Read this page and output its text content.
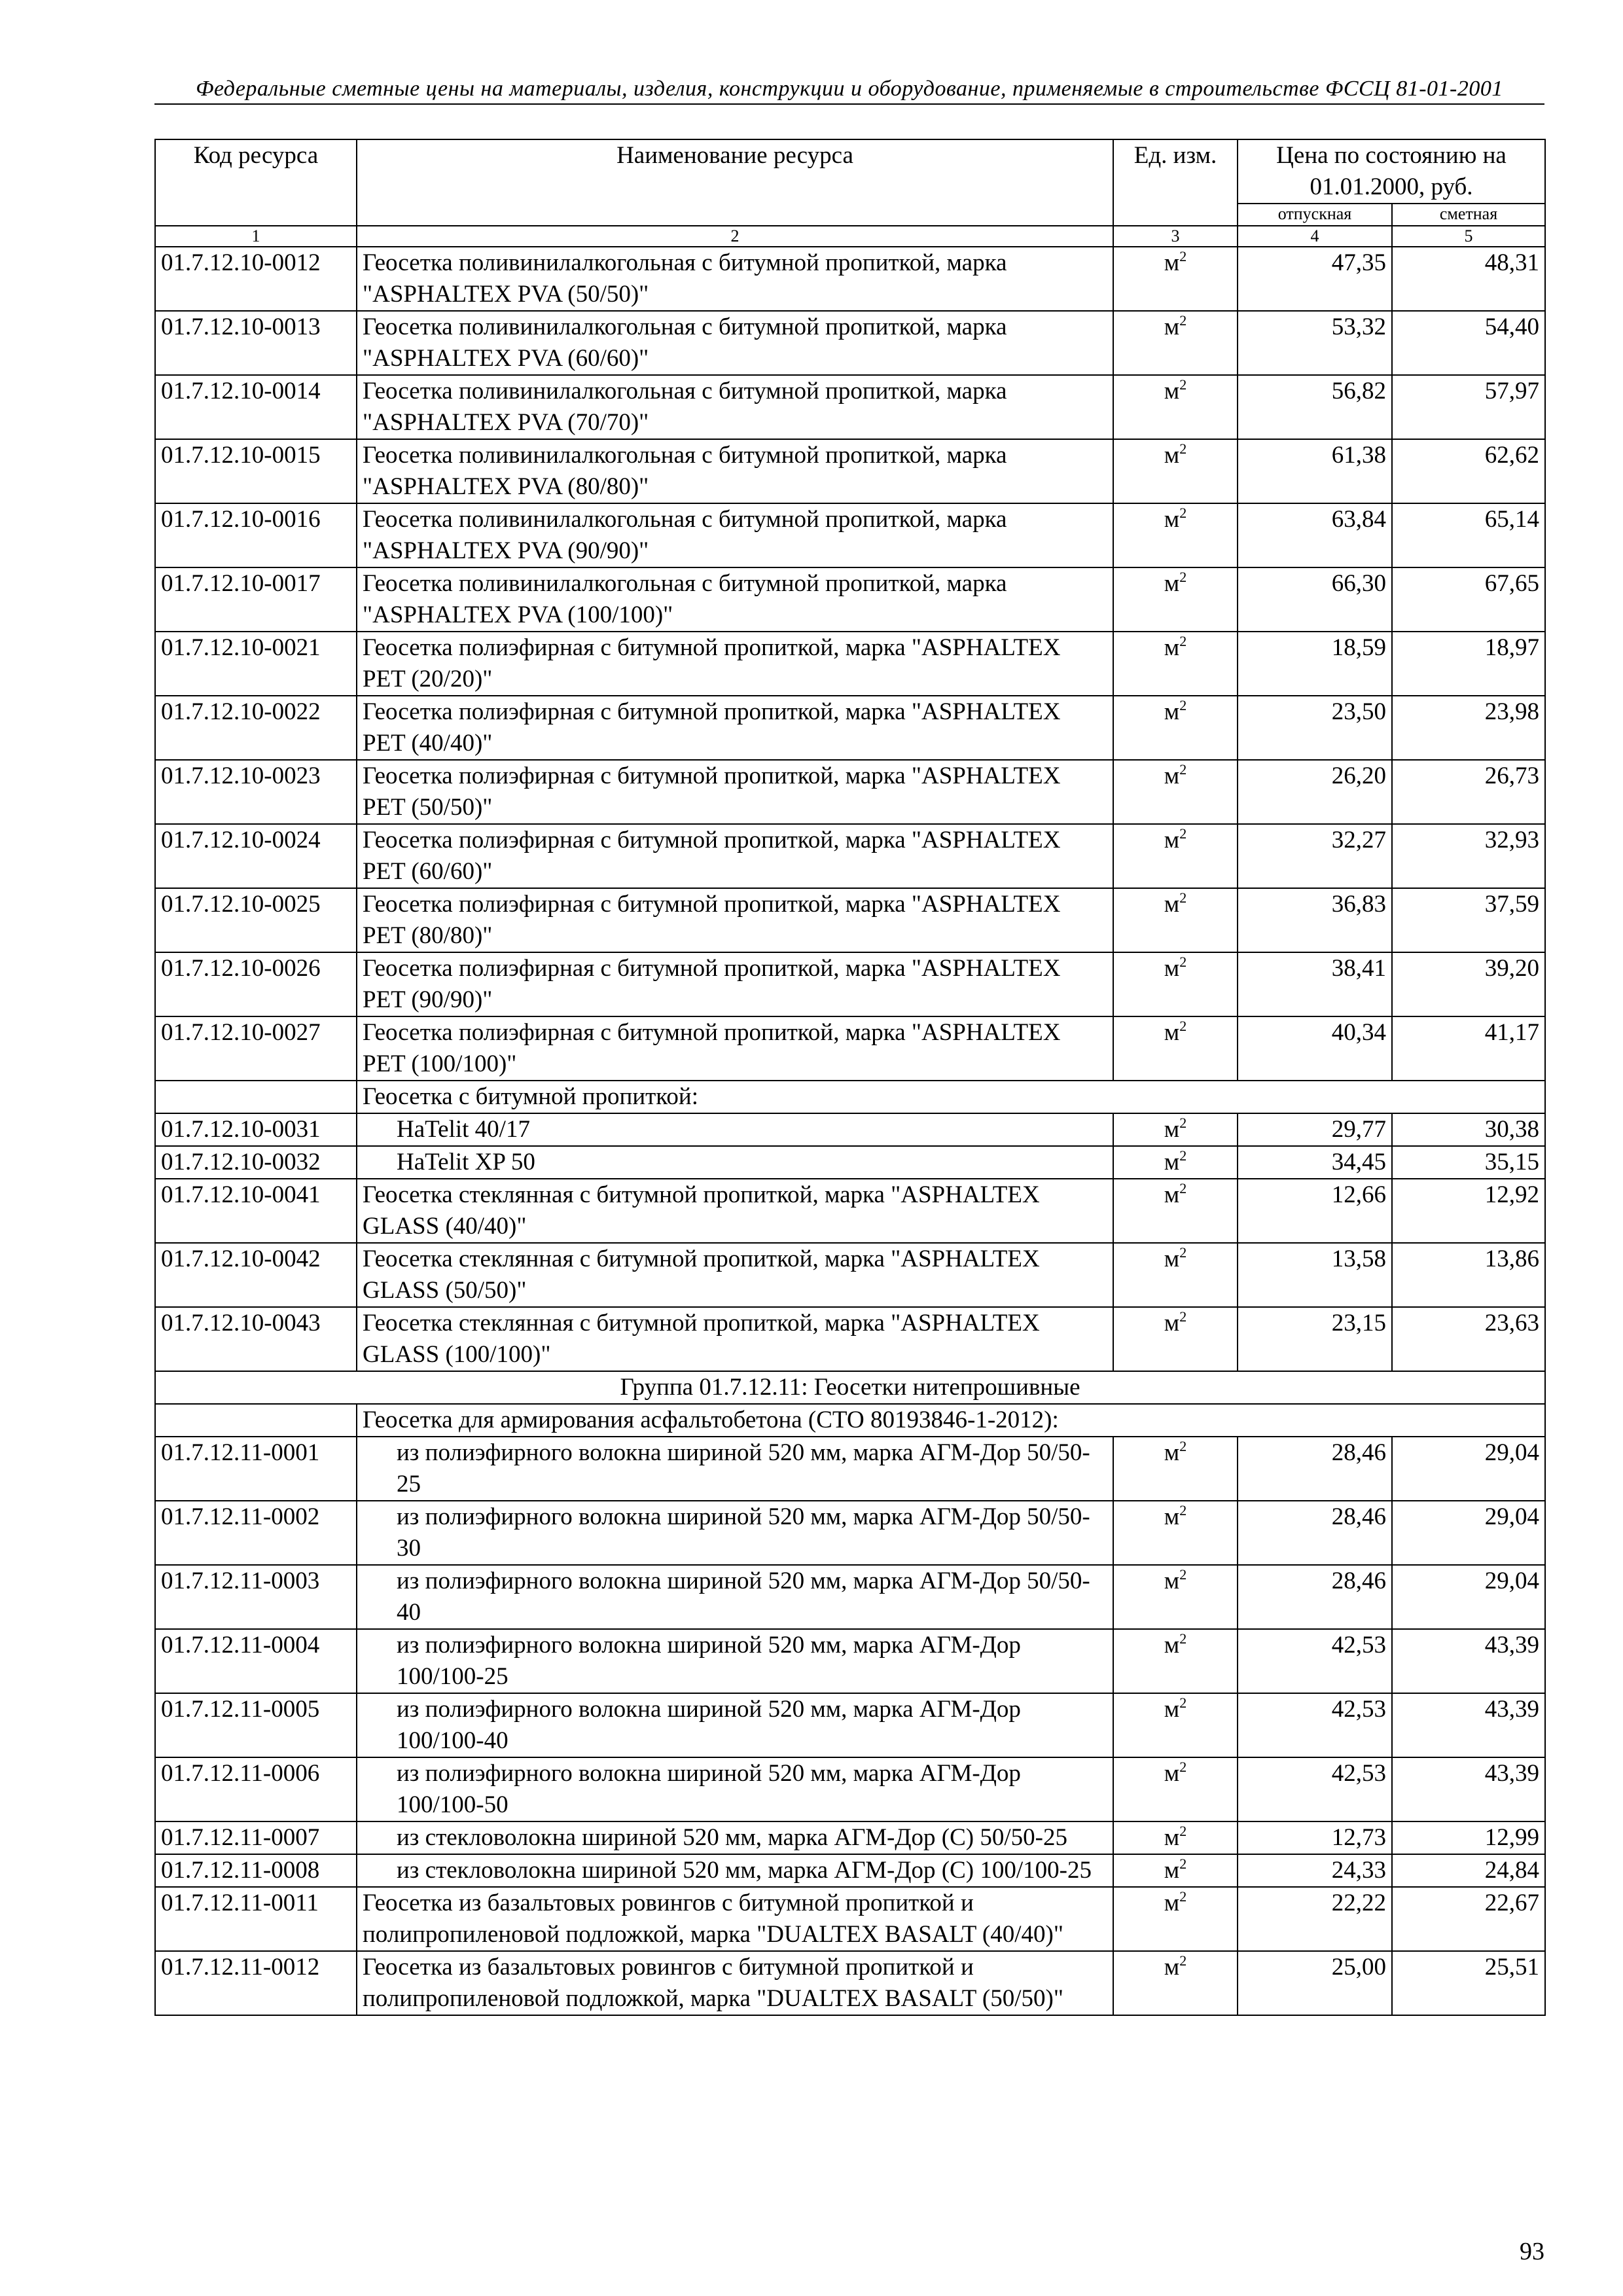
Федеральные сметные цены на материалы, изделия, конструкции и оборудование, применяемые в строительстве ФССЦ 81-01-2001
Код ресурса	Наименование ресурса	Ед. изм.	Цена по состоянию на 01.01.2000, руб.	
			отпускная	сметная
1	2	3	4	5
01.7.12.10-0012	Геосетка поливинилалкогольная с битумной пропиткой, марка "ASPHALTEX PVA (50/50)"	$м^2$	47,35	48,31
01.7.12.10-0013	Геосетка поливинилалкогольная с битумной пропиткой, марка "ASPHALTEX PVA (60/60)"	$м^2$	53,32	54,40
01.7.12.10-0014	Геосетка поливинилалкогольная с битумной пропиткой, марка "ASPHALTEX PVA (70/70)"	$м^2$	56,82	57,97
01.7.12.10-0015	Геосетка поливинилалкогольная с битумной пропиткой, марка "ASPHALTEX PVA (80/80)"	$м^2$	61,38	62,62
01.7.12.10-0016	Геосетка поливинилалкогольная с битумной пропиткой, марка "ASPHALTEX PVA (90/90)"	$м^2$	63,84	65,14
01.7.12.10-0017	Геосетка поливинилалкогольная с битумной пропиткой, марка "ASPHALTEX PVA (100/100)"	$м^2$	66,30	67,65
01.7.12.10-0021	Геосетка полиэфирная с битумной пропиткой, марка "ASPHALTEX PET (20/20)"	$м^2$	18,59	18,97
01.7.12.10-0022	Геосетка полиэфирная с битумной пропиткой, марка "ASPHALTEX PET (40/40)"	$м^2$	23,50	23,98
01.7.12.10-0023	Геосетка полиэфирная с битумной пропиткой, марка "ASPHALTEX PET (50/50)"	$м^2$	26,20	26,73
01.7.12.10-0024	Геосетка полиэфирная с битумной пропиткой, марка "ASPHALTEX PET (60/60)"	$м^2$	32,27	32,93
01.7.12.10-0025	Геосетка полиэфирная с битумной пропиткой, марка "ASPHALTEX PET (80/80)"	$м^2$	36,83	37,59
01.7.12.10-0026	Геосетка полиэфирная с битумной пропиткой, марка "ASPHALTEX PET (90/90)"	$м^2$	38,41	39,20
01.7.12.10-0027	Геосетка полиэфирная с битумной пропиткой, марка "ASPHALTEX PET (100/100)"	$м^2$	40,34	41,17
	Геосетка с битумной пропиткой:			
01.7.12.10-0031	HaTelit 40/17	$м^2$	29,77	30,38
01.7.12.10-0032	HaTelit XP 50	$м^2$	34,45	35,15
01.7.12.10-0041	Геосетка стеклянная с битумной пропиткой, марка "ASPHALTEX GLASS (40/40)"	$м^2$	12,66	12,92
01.7.12.10-0042	Геосетка стеклянная с битумной пропиткой, марка "ASPHALTEX GLASS (50/50)"	$м^2$	13,58	13,86
01.7.12.10-0043	Геосетка стеклянная с битумной пропиткой, марка "ASPHALTEX GLASS (100/100)"	$м^2$	23,15	23,63
Группа 01.7.12.11: Геосетки нитепрошивные				
	Геосетка для армирования асфальтобетона (СТО 80193846-1-2012):			
01.7.12.11-0001	из полиэфирного волокна шириной 520 мм, марка АГМ-Дор 50/50-25	$м^2$	28,46	29,04
01.7.12.11-0002	из полиэфирного волокна шириной 520 мм, марка АГМ-Дор 50/50-30	$м^2$	28,46	29,04
01.7.12.11-0003	из полиэфирного волокна шириной 520 мм, марка АГМ-Дор 50/50-40	$м^2$	28,46	29,04
01.7.12.11-0004	из полиэфирного волокна шириной 520 мм, марка АГМ-Дор 100/100-25	$м^2$	42,53	43,39
01.7.12.11-0005	из полиэфирного волокна шириной 520 мм, марка АГМ-Дор 100/100-40	$м^2$	42,53	43,39
01.7.12.11-0006	из полиэфирного волокна шириной 520 мм, марка АГМ-Дор 100/100-50	$м^2$	42,53	43,39
01.7.12.11-0007	из стекловолокна шириной 520 мм, марка АГМ-Дор (С) 50/50-25	$м^2$	12,73	12,99
01.7.12.11-0008	из стекловолокна шириной 520 мм, марка АГМ-Дор (С) 100/100-25	$м^2$	24,33	24,84
01.7.12.11-0011	Геосетка из базальтовых ровингов с битумной пропиткой и полипропиленовой подложкой, марка "DUALTEX BASALT (40/40)"	$м^2$	22,22	22,67
01.7.12.11-0012	Геосетка из базальтовых ровингов с битумной пропиткой и полипропиленовой подложкой, марка "DUALTEX BASALT (50/50)"	$м^2$	25,00	25,51
93
